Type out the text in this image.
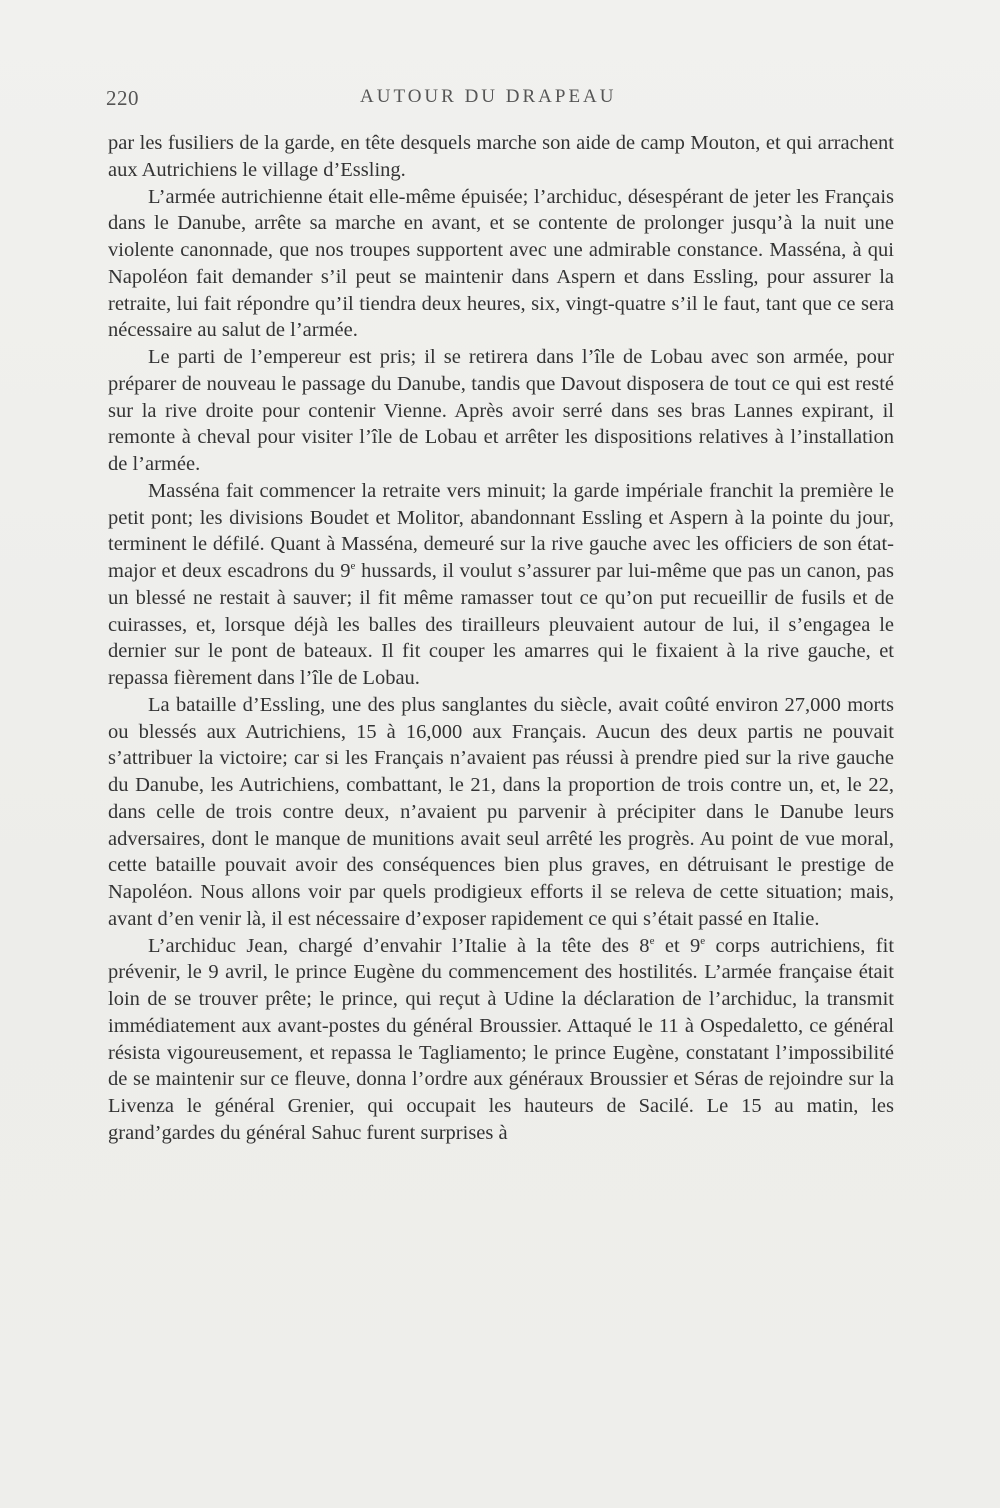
220	AUTOUR DU DRAPEAU

par les fusiliers de la garde, en tête desquels marche son aide de camp Mouton, et qui arrachent aux Autrichiens le village d’Essling.

L’armée autrichienne était elle-même épuisée; l’archiduc, désespérant de jeter les Français dans le Danube, arrête sa marche en avant, et se contente de prolonger jusqu’à la nuit une violente canonnade, que nos troupes supportent avec une admirable constance. Masséna, à qui Napoléon fait demander s’il peut se maintenir dans Aspern et dans Essling, pour assurer la retraite, lui fait répondre qu’il tiendra deux heures, six, vingt-quatre s’il le faut, tant que ce sera nécessaire au salut de l’armée.

Le parti de l’empereur est pris; il se retirera dans l’île de Lobau avec son armée, pour préparer de nouveau le passage du Danube, tandis que Davout disposera de tout ce qui est resté sur la rive droite pour contenir Vienne. Après avoir serré dans ses bras Lannes expirant, il remonte à cheval pour visiter l’île de Lobau et arrêter les dispositions relatives à l’installation de l’armée.

Masséna fait commencer la retraite vers minuit; la garde impériale franchit la première le petit pont; les divisions Boudet et Molitor, abandonnant Essling et Aspern à la pointe du jour, terminent le défilé. Quant à Masséna, demeuré sur la rive gauche avec les officiers de son état-major et deux escadrons du 9e hussards, il voulut s’assurer par lui-même que pas un canon, pas un blessé ne restait à sauver; il fit même ramasser tout ce qu’on put recueillir de fusils et de cuirasses, et, lorsque déjà les balles des tirailleurs pleuvaient autour de lui, il s’engagea le dernier sur le pont de bateaux. Il fit couper les amarres qui le fixaient à la rive gauche, et repassa fièrement dans l’île de Lobau.

La bataille d’Essling, une des plus sanglantes du siècle, avait coûté environ 27,000 morts ou blessés aux Autrichiens, 15 à 16,000 aux Français. Aucun des deux partis ne pouvait s’attribuer la victoire; car si les Français n’avaient pas réussi à prendre pied sur la rive gauche du Danube, les Autrichiens, combattant, le 21, dans la proportion de trois contre un, et, le 22, dans celle de trois contre deux, n’avaient pu parvenir à précipiter dans le Danube leurs adversaires, dont le manque de munitions avait seul arrêté les progrès. Au point de vue moral, cette bataille pouvait avoir des conséquences bien plus graves, en détruisant le prestige de Napoléon. Nous allons voir par quels prodigieux efforts il se releva de cette situation; mais, avant d’en venir là, il est nécessaire d’exposer rapidement ce qui s’était passé en Italie.

L’archiduc Jean, chargé d’envahir l’Italie à la tête des 8e et 9e corps autrichiens, fit prévenir, le 9 avril, le prince Eugène du commencement des hostilités. L’armée française était loin de se trouver prête; le prince, qui reçut à Udine la déclaration de l’archiduc, la transmit immédiatement aux avant-postes du général Broussier. Attaqué le 11 à Ospedaletto, ce général résista vigoureusement, et repassa le Tagliamento; le prince Eugène, constatant l’impossibilité de se maintenir sur ce fleuve, donna l’ordre aux généraux Broussier et Séras de rejoindre sur la Livenza le général Grenier, qui occupait les hauteurs de Sacilé. Le 15 au matin, les grand’gardes du général Sahuc furent surprises à
